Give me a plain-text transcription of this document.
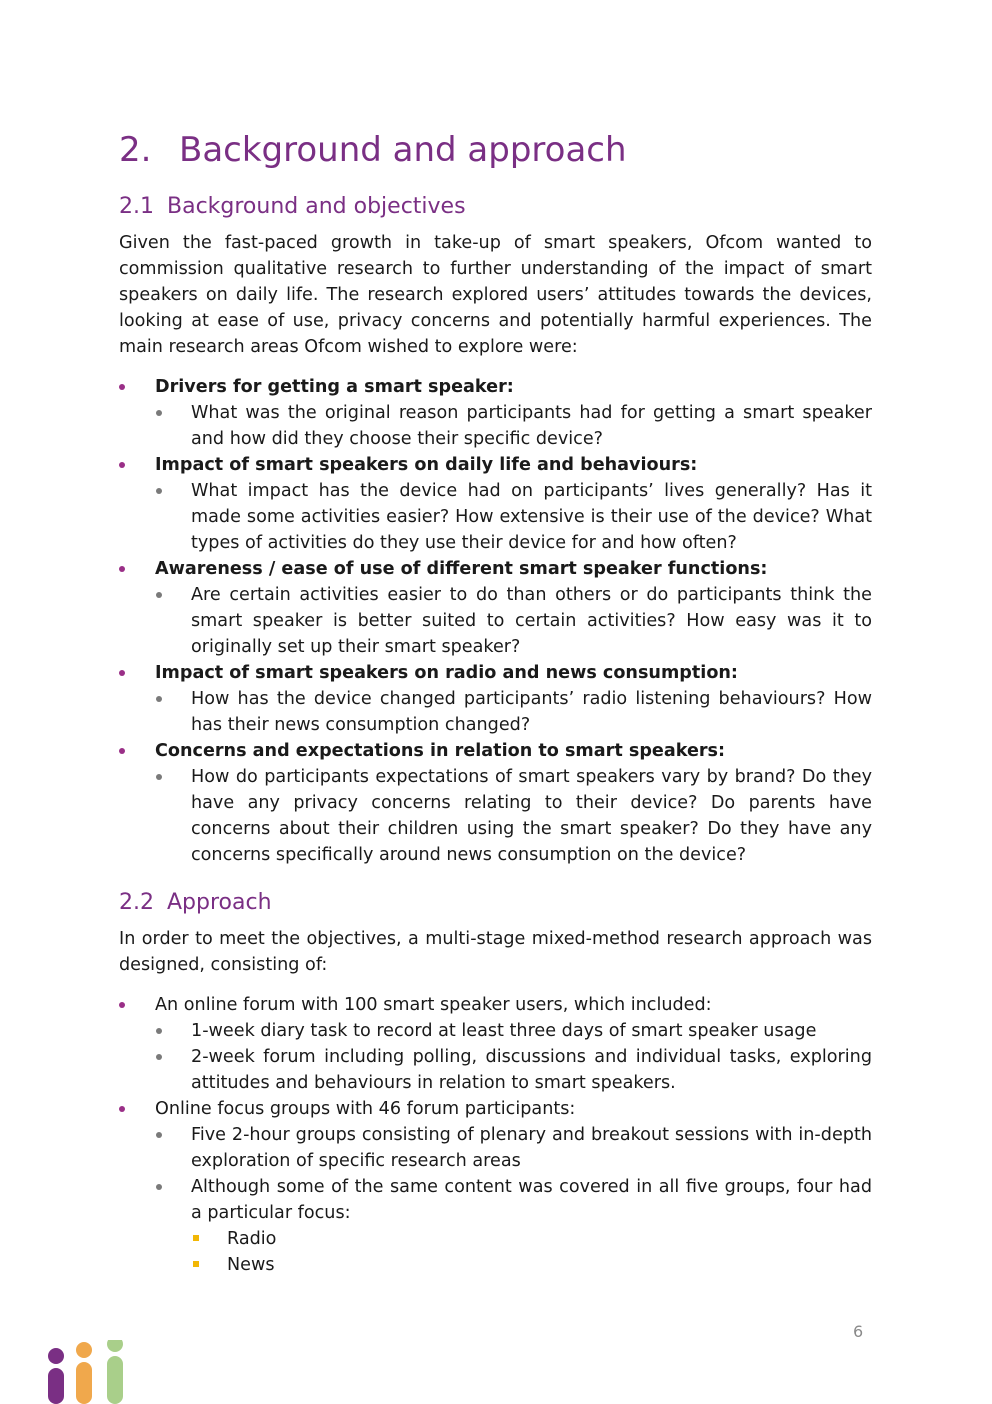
2. Background and approach
2.1 Background and objectives
Given the fast-paced growth in take-up of smart speakers, Ofcom wanted to commission qualitative research to further understanding of the impact of smart speakers on daily life. The research explored users’ attitudes towards the devices, looking at ease of use, privacy concerns and potentially harmful experiences. The main research areas Ofcom wished to explore were:
Drivers for getting a smart speaker:
What was the original reason participants had for getting a smart speaker and how did they choose their specific device?
Impact of smart speakers on daily life and behaviours:
What impact has the device had on participants’ lives generally? Has it made some activities easier? How extensive is their use of the device? What types of activities do they use their device for and how often?
Awareness / ease of use of different smart speaker functions:
Are certain activities easier to do than others or do participants think the smart speaker is better suited to certain activities? How easy was it to originally set up their smart speaker?
Impact of smart speakers on radio and news consumption:
How has the device changed participants’ radio listening behaviours? How has their news consumption changed?
Concerns and expectations in relation to smart speakers:
How do participants expectations of smart speakers vary by brand? Do they have any privacy concerns relating to their device? Do parents have concerns about their children using the smart speaker? Do they have any concerns specifically around news consumption on the device?
2.2 Approach
In order to meet the objectives, a multi-stage mixed-method research approach was designed, consisting of:
An online forum with 100 smart speaker users, which included:
1-week diary task to record at least three days of smart speaker usage
2-week forum including polling, discussions and individual tasks, exploring attitudes and behaviours in relation to smart speakers.
Online focus groups with 46 forum participants:
Five 2-hour groups consisting of plenary and breakout sessions with in-depth exploration of specific research areas
Although some of the same content was covered in all five groups, four had a particular focus:
Radio
News
6
